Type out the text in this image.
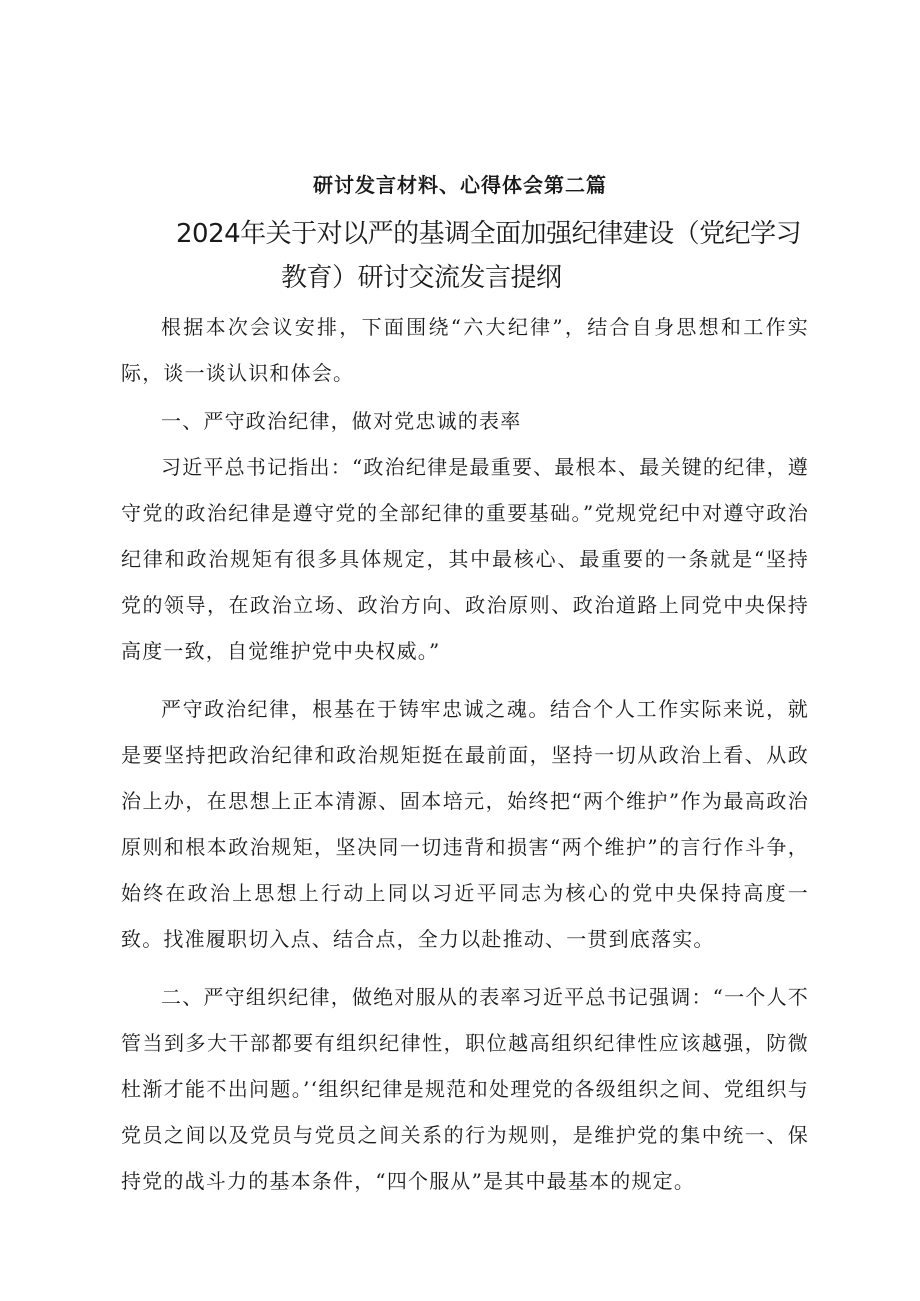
研讨发言材料、心得体会第二篇
2024年关于对以严的基调全面加强纪律建设（党纪学习
教育）研讨交流发言提纲

根据本次会议安排，下面围绕“六大纪律”，结合自身思想和工作实际，谈一谈认识和体会。

一、严守政治纪律，做对党忠诚的表率

习近平总书记指出：“政治纪律是最重要、最根本、最关键的纪律，遵守党的政治纪律是遵守党的全部纪律的重要基础。”党规党纪中对遵守政治纪律和政治规矩有很多具体规定，其中最核心、最重要的一条就是“坚持党的领导，在政治立场、政治方向、政治原则、政治道路上同党中央保持高度一致，自觉维护党中央权威。”

严守政治纪律，根基在于铸牢忠诚之魂。结合个人工作实际来说，就是要坚持把政治纪律和政治规矩挺在最前面，坚持一切从政治上看、从政治上办，在思想上正本清源、固本培元，始终把“两个维护”作为最高政治原则和根本政治规矩，坚决同一切违背和损害“两个维护”的言行作斗争，始终在政治上思想上行动上同以习近平同志为核心的党中央保持高度一致。找准履职切入点、结合点，全力以赴推动、一贯到底落实。

二、严守组织纪律，做绝对服从的表率习近平总书记强调：“一个人不管当到多大干部都要有组织纪律性，职位越高组织纪律性应该越强，防微杜渐才能不出问题。’‘组织纪律是规范和处理党的各级组织之间、党组织与党员之间以及党员与党员之间关系的行为规则，是维护党的集中统一、保持党的战斗力的基本条件，“四个服从”是其中最基本的规定。
